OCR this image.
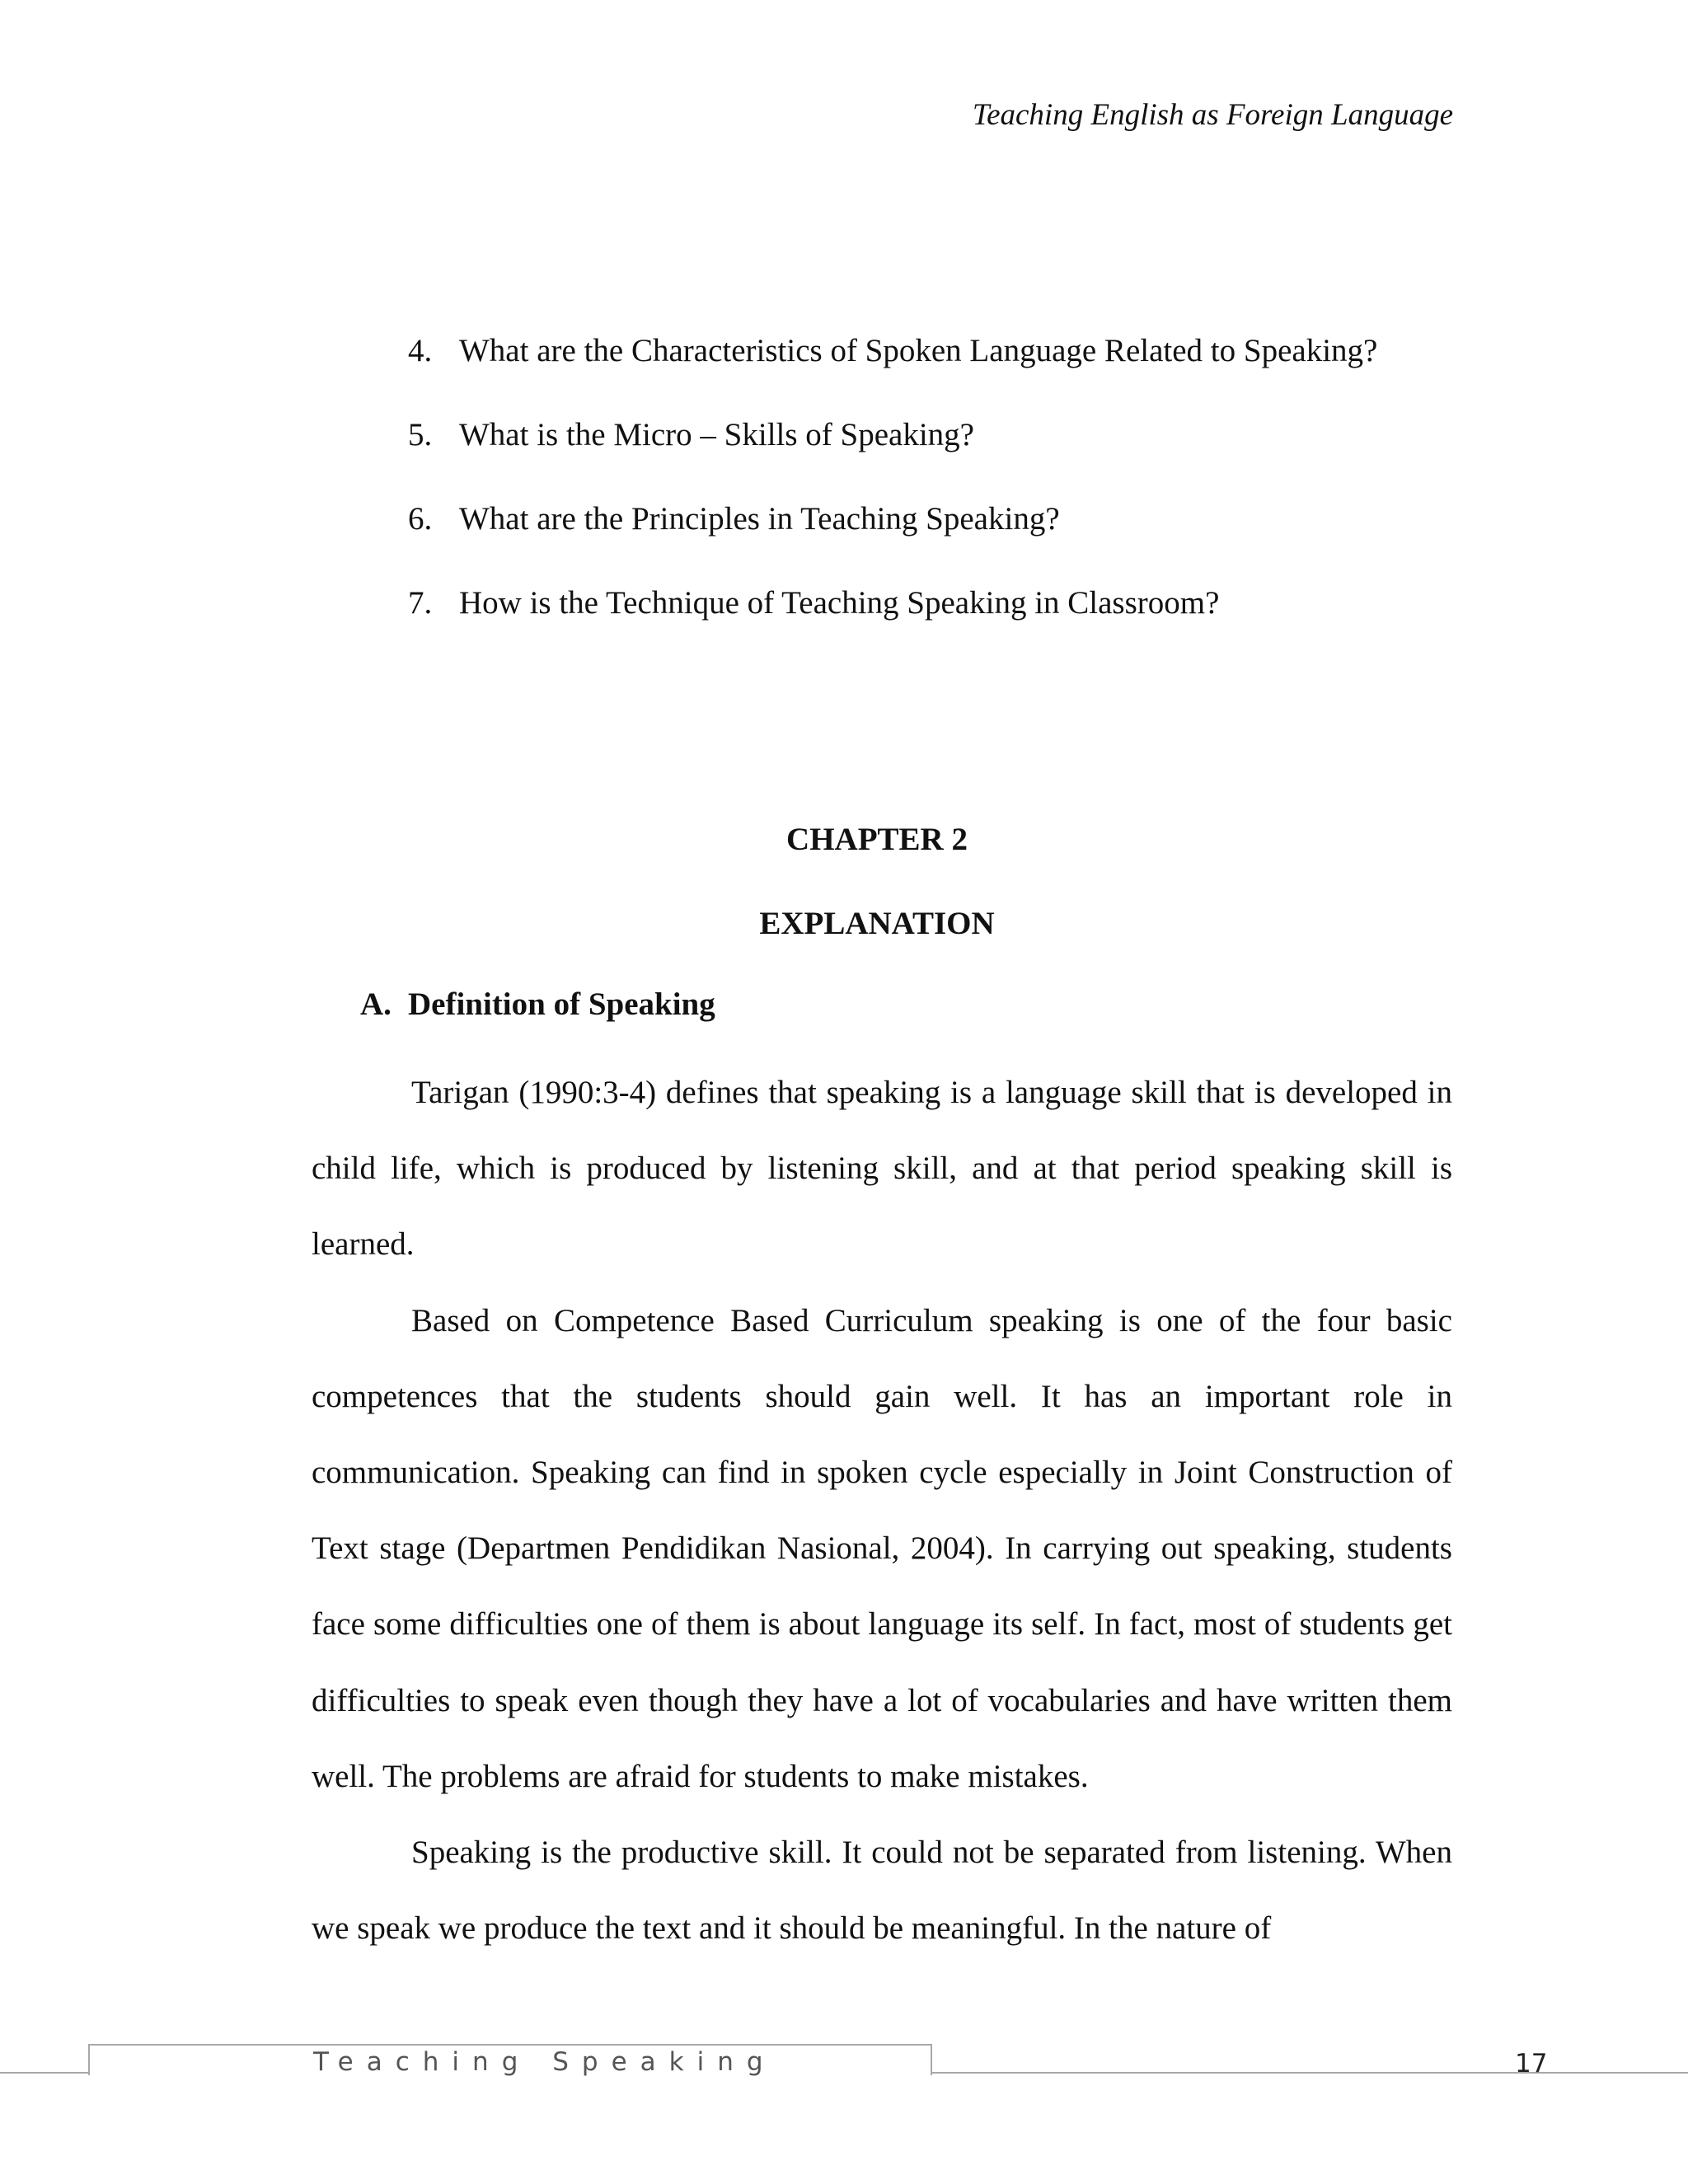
Teaching English as Foreign Language
4. What are the Characteristics of Spoken Language Related to Speaking?
5. What is the Micro – Skills of Speaking?
6. What are the Principles in Teaching Speaking?
7. How is the Technique of Teaching Speaking in Classroom?
CHAPTER 2
EXPLANATION
A. Definition of Speaking

Tarigan (1990:3-4) defines that speaking is a language skill that is developed in child life, which is produced by listening skill, and at that period speaking skill is learned.

Based on Competence Based Curriculum speaking is one of the four basic competences that the students should gain well. It has an important role in communication. Speaking can find in spoken cycle especially in Joint Construction of Text stage (Departmen Pendidikan Nasional, 2004). In carrying out speaking, students face some difficulties one of them is about language its self. In fact, most of students get difficulties to speak even though they have a lot of vocabularies and have written them well. The problems are afraid for students to make mistakes.

Speaking is the productive skill. It could not be separated from listening. When we speak we produce the text and it should be meaningful. In the nature of

Teaching Speaking	17
